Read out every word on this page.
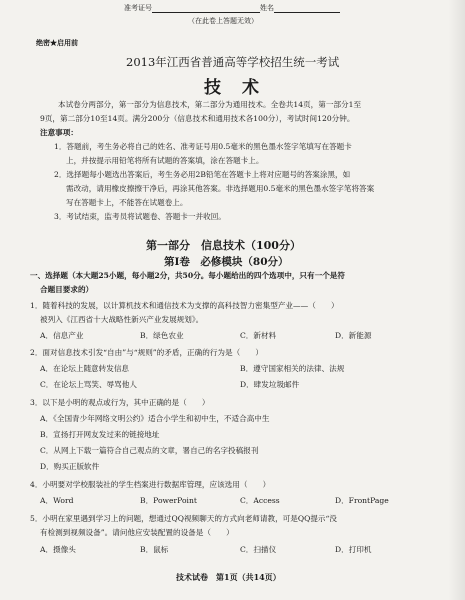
准考证号	姓名
（在此卷上答题无效）
绝密★启用前
2013年江西省普通高等学校招生统一考试
技　术
本试卷分两部分，第一部分为信息技术，第二部分为通用技术。全卷共14页，第一部分1至
9页，第二部分10至14页。满分200分（信息技术和通用技术各100分），考试时间120分钟。
注意事项：
1．答题前，考生务必将自己的姓名、准考证号用0.5毫米的黑色墨水签字笔填写在答题卡
上，并按提示用铅笔将所有试题的答案填，涂在答题卡上。
2．选择题每小题选出答案后，考生务必用2B铅笔在答题卡上将对应题号的答案涂黑，如
需改动，请用橡皮擦擦干净后，再涂其他答案。非选择题用0.5毫米的黑色墨水签字笔将答案
写在答题卡上，不能答在试题卷上。
3．考试结束，监考员将试题卷、答题卡一并收回。
第一部分　信息技术（100分）
第Ⅰ卷　必修模块（80分）
一、选择题（本大题25小题，每小题2分，共50分。每小题给出的四个选项中，只有一个是符
合题目要求的）
1．随着科技的发展，以计算机技术和通信技术为支撑的高科技智力密集型产业——（　　）
被列入《江西省十大战略性新兴产业发展规划》。
A．信息产业	B．绿色农业	C．新材料	D．新能源
2．面对信息技术引发“自由”与“规则”的矛盾，正确的行为是（　　）
A．在论坛上随意转发信息	B．遵守国家相关的法律、法规
C．在论坛上骂笑、辱骂他人	D．肆发垃圾邮件
3．以下是小明的观点或行为，其中正确的是（　　）
A．《全国青少年网络文明公约》适合小学生和初中生，不适合高中生
B．宣扬打开网友发过来的链接地址
C．从网上下载一篇符合自己观点的文章，署自己的名字投稿报刊
D．购买正版软件
4．小明要对学校服装社的学生档案进行数据库管理，应该选用（　　）
A．Word	B．PowerPoint	C．Access	D．FrontPage
5．小明在家里遇到学习上的问题，想通过QQ视频聊天的方式向老师请教，可是QQ提示“没
有检测到视频设备”。请问他应安装配置的设备是（　　）
A．摄像头	B．鼠标	C．扫描仪	D．打印机
技术试卷　第1页（共14页）
